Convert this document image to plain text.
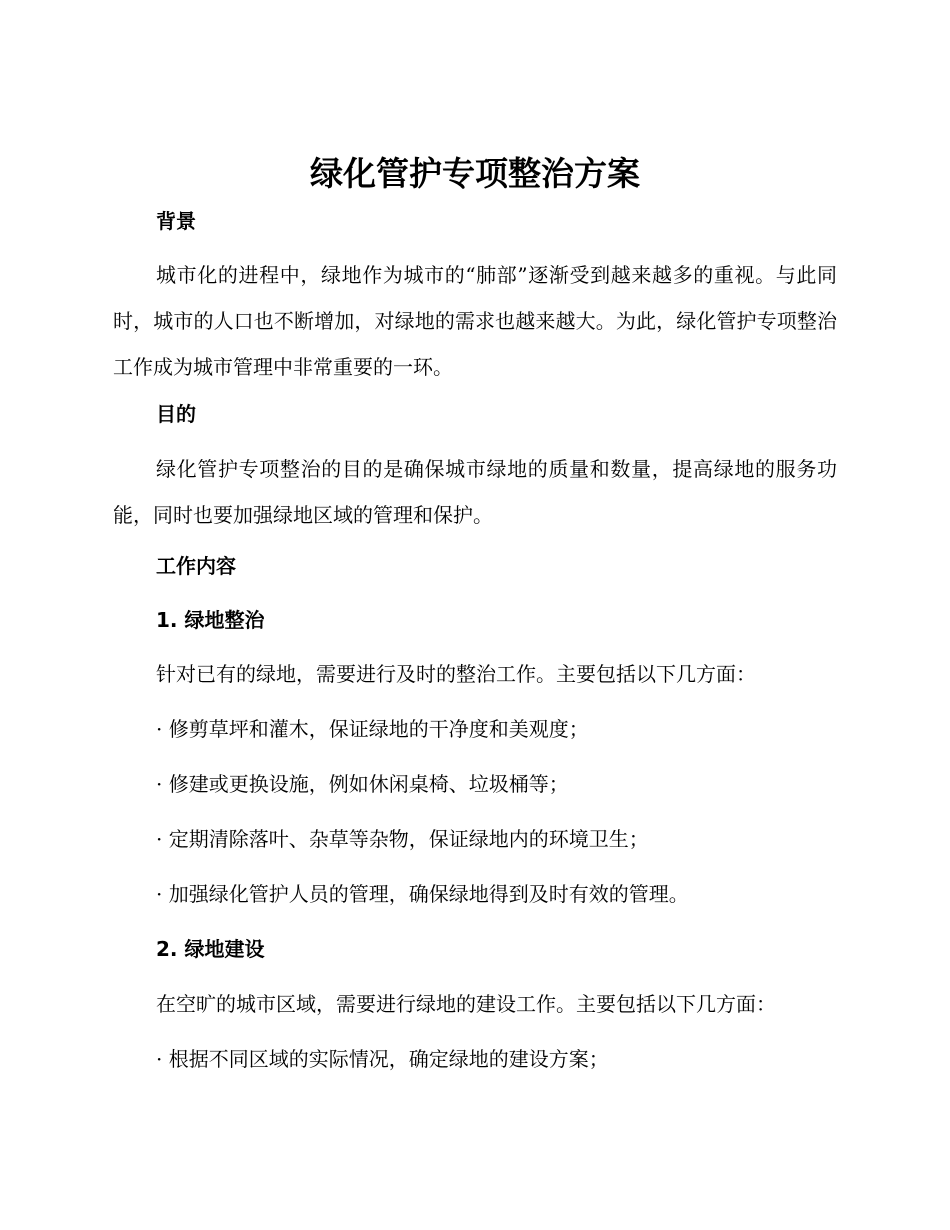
绿化管护专项整治方案
背景

城市化的进程中，绿地作为城市的“肺部”逐渐受到越来越多的重视。与此同时，城市的人口也不断增加，对绿地的需求也越来越大。为此，绿化管护专项整治工作成为城市管理中非常重要的一环。

目的

绿化管护专项整治的目的是确保城市绿地的质量和数量，提高绿地的服务功能，同时也要加强绿地区域的管理和保护。

工作内容
1. 绿地整治

针对已有的绿地，需要进行及时的整治工作。主要包括以下几方面：

· 修剪草坪和灌木，保证绿地的干净度和美观度；

· 修建或更换设施，例如休闲桌椅、垃圾桶等；

· 定期清除落叶、杂草等杂物，保证绿地内的环境卫生；

· 加强绿化管护人员的管理，确保绿地得到及时有效的管理。

2. 绿地建设

在空旷的城市区域，需要进行绿地的建设工作。主要包括以下几方面：

· 根据不同区域的实际情况，确定绿地的建设方案；
